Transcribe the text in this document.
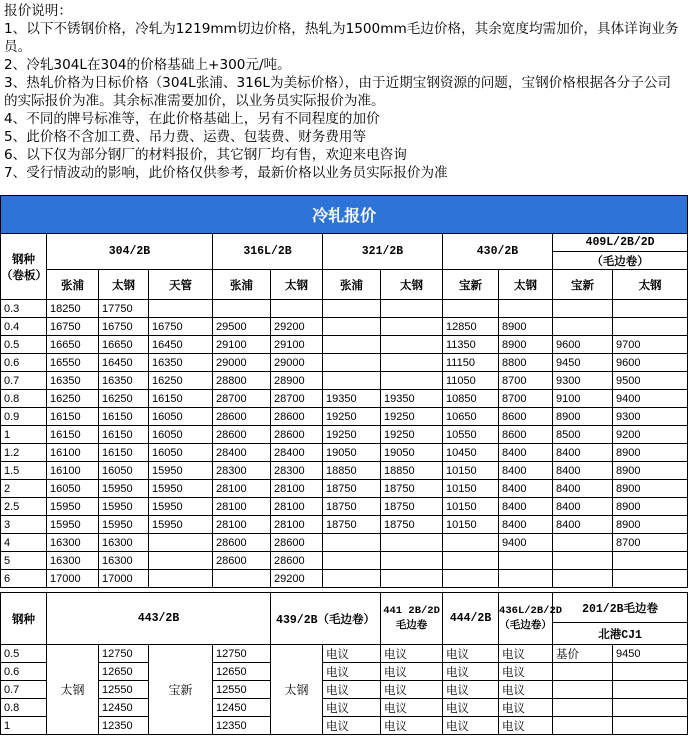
报价说明：
1、以下不锈钢价格，冷轧为1219mm切边价格，热轧为1500mm毛边价格，其余宽度均需加价，具体详询业务员。
2、冷轧304L在304的价格基础上+300元/吨。
3、热轧价格为日标价格（304L张浦、316L为美标价格），由于近期宝钢资源的问题，宝钢价格根据各分子公司的实际报价为准。其余标准需要加价，以业务员实际报价为准。
4、不同的牌号标准等，在此价格基础上，另有不同程度的加价
5、此价格不含加工费、吊力费、运费、包装费、财务费用等
6、以下仅为部分钢厂的材料报价，其它钢厂均有售，欢迎来电咨询
7、受行情波动的影响，此价格仅供参考，最新价格以业务员实际报价为准
冷轧报价											
钢种（卷板）	304/2B			316L/2B		321/2B		430/2B		409L/2B/2D	
										（毛边卷）	
	张浦	太钢	天管	张浦	太钢	张浦	太钢	宝新	太钢	宝新	太钢
0.3	18250	17750									
0.4	16750	16750	16750	29500	29200			12850	8900		
0.5	16650	16650	16450	29100	29100			11350	8900	9600	9700
0.6	16550	16450	16350	29000	29000			11150	8800	9450	9600
0.7	16350	16350	16250	28800	28900			11050	8700	9300	9500
0.8	16250	16250	16150	28700	28700	19350	19350	10850	8700	9100	9400
0.9	16150	16150	16050	28600	28600	19250	19250	10650	8600	8900	9300
1	16150	16150	16050	28600	28600	19250	19250	10550	8600	8500	9200
1.2	16100	16150	16050	28400	28400	19050	19050	10450	8400	8400	8900
1.5	16100	16050	15950	28300	28300	18850	18850	10150	8400	8400	8900
2	16050	15950	15950	28100	28100	18750	18750	10150	8400	8400	8900
2.5	15950	15950	15950	28100	28100	18750	18750	10150	8400	8400	8900
3	15950	15950	15950	28100	28100	18750	18750	10150	8400	8400	8900
4	16300	16300		28600	28600				9400		8700
5	16300	16300		28600	28600						
6	17000	17000			29200						
钢种	443/2B				439/2B（毛边卷）		441 2B/2D 毛边卷	444/2B	436L/2B/2D（毛边卷）	201/2B毛边卷	
										北港CJ1	
0.5	太钢	12750	宝新	12750	太钢	电议	电议	电议	电议	基价	9450
0.6		12650		12650		电议	电议	电议	电议		
0.7		12550		12550		电议	电议	电议	电议		
0.8		12450		12450		电议	电议	电议	电议		
1		12350		12350		电议	电议	电议	电议		
